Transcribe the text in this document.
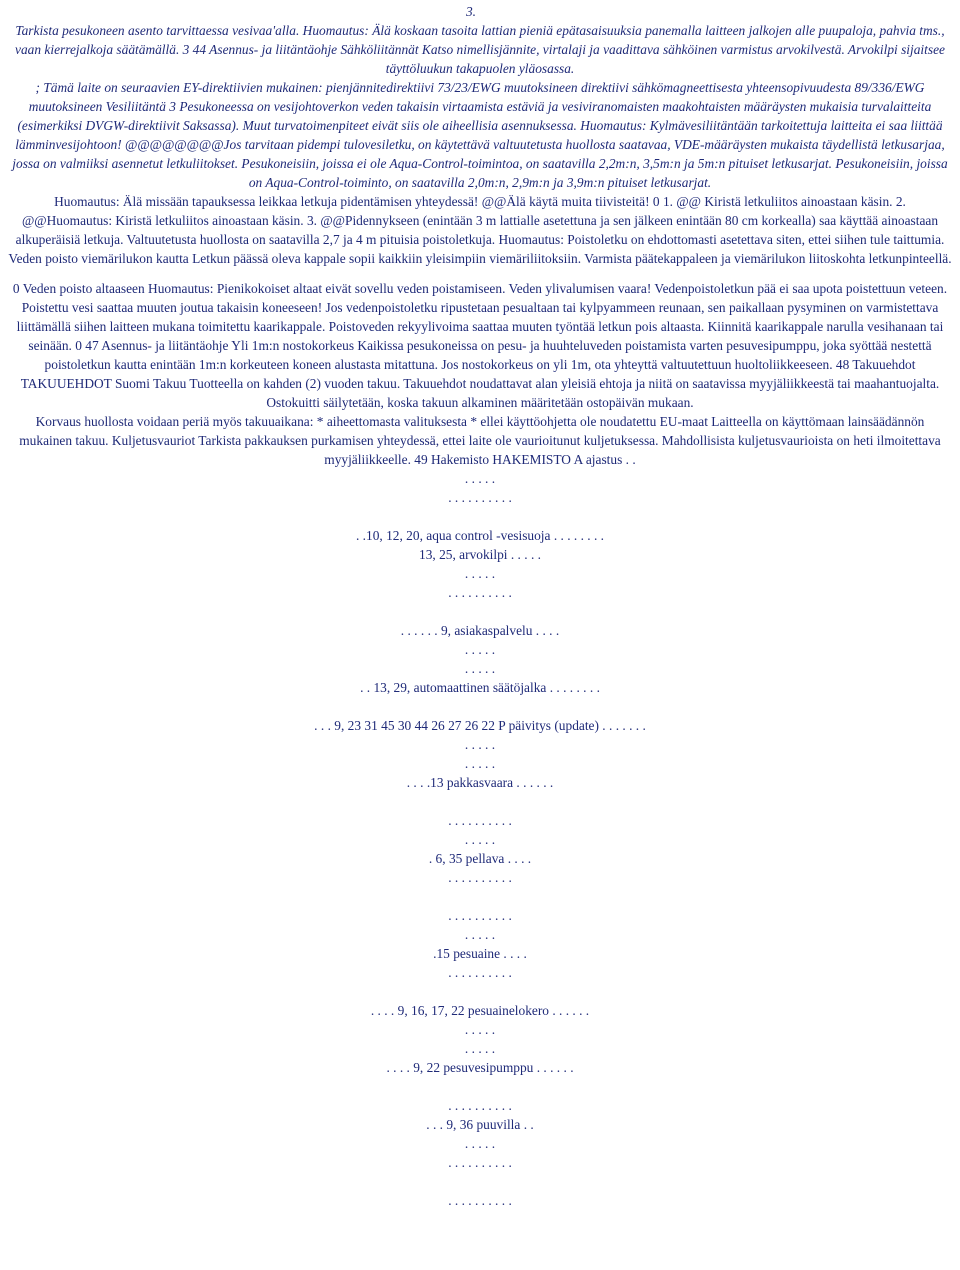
3.

Tarkista pesukoneen asento tarvittaessa vesivaa'alla. Huomautus: Älä koskaan tasoita lattian pieniä epätasaisuuksia panemalla laitteen jalkojen alle puupaloja, pahvia tms., vaan kierrejalkoja säätämällä. 3 44 Asennus- ja liitäntäohje Sähköliitännät Katso nimellisjännite, virtalaji ja vaadittava sähköinen varmistus arvokilvestä. Arvokilpi sijaitsee täyttöluukun takapuolen yläosassa.

; Tämä laite on seuraavien EY-direktiivien mukainen: pienjännitedirektiivi 73/23/EWG muutoksineen direktiivi sähkömagneettisesta yhteensopivuudesta 89/336/EWG muutoksineen Vesiliitäntä 3 Pesukoneessa on vesijohtoverkon veden takaisin virtaamista estäviä ja vesiviranomaisten maakohtaisten määräysten mukaisia turvalaitteita (esimerkiksi DVGW-direktiivit Saksassa). Muut turvatoimenpiteet eivät siis ole aiheellisia asennuksessa. Huomautus: Kylmävesiliitäntään tarkoitettuja laitteita ei saa liittää lämminvesijohtoon! @@@@@@@@Jos tarvitaan pidempi tulovesiletku, on käytettävä valtuutetusta huollosta saatavaa, VDE-määräysten mukaista täydellistä letkusarjaa, jossa on valmiiksi asennetut letkuliitokset. Pesukoneisiin, joissa ei ole Aqua-Control-toimintoa, on saatavilla 2,2m:n, 3,5m:n ja 5m:n pituiset letkusarjat. Pesukoneisiin, joissa on Aqua-Control-toiminto, on saatavilla 2,0m:n, 2,9m:n ja 3,9m:n pituiset letkusarjat.

Huomautus: Älä missään tapauksessa leikkaa letkuja pidentämisen yhteydessä! @@Älä käytä muita tiivisteitä! 0 1. @@ Kiristä letkuliitos ainoastaan käsin. 2. @@Huomautus: Kiristä letkuliitos ainoastaan käsin. 3. @@Pidennykseen (enintään 3 m lattialle asetettuna ja sen jälkeen enintään 80 cm korkealla) saa käyttää ainoastaan alkuperäisiä letkuja. Valtuutetusta huollosta on saatavilla 2,7 ja 4 m pituisia poistoletkuja. Huomautus: Poistoletku on ehdottomasti asetettava siten, ettei siihen tule taittumia. Veden poisto viemärilukon kautta Letkun päässä oleva kappale sopii kaikkiin yleisimpiin viemäriliitoksiin. Varmista päätekappaleen ja viemärilukon liitoskohta letkunpinteellä.

0 Veden poisto altaaseen Huomautus: Pienikokoiset altaat eivät sovellu veden poistamiseen. Veden ylivalumisen vaara! Vedenpoistoletkun pää ei saa upota poistettuun veteen. Poistettu vesi saattaa muuten joutua takaisin koneeseen! Jos vedenpoistoletku ripustetaan pesualtaan tai kylpyammeen reunaan, sen paikallaan pysyminen on varmistettava liittämällä siihen laitteen mukana toimitettu kaarikappale. Poistoveden rekyylivoima saattaa muuten työntää letkun pois altaasta. Kiinnitä kaarikappale narulla vesihanaan tai seinään. 0 47 Asennus- ja liitäntäohje Yli 1m:n nostokorkeus Kaikissa pesukoneissa on pesu- ja huuhteluveden poistamista varten pesuvesipumppu, joka syöttää nestettä poistoletkun kautta enintään 1m:n korkeuteen koneen alustasta mitattuna. Jos nostokorkeus on yli 1m, ota yhteyttä valtuutettuun huoltoliikkeeseen. 48 Takuuehdot TAKUUEHDOT Suomi Takuu Tuotteella on kahden (2) vuoden takuu. Takuuehdot noudattavat alan yleisiä ehtoja ja niitä on saatavissa myyjäliikkeestä tai maahantuojalta. Ostokuitti säilytetään, koska takuun alkaminen määritetään ostopäivän mukaan.

Korvaus huollosta voidaan periä myös takuuaikana: * aiheettomasta valituksesta * ellei käyttöohjetta ole noudatettu EU-maat Laitteella on käyttömaan lainsäädännön mukainen takuu. Kuljetusvauriot Tarkista pakkauksen purkamisen yhteydessä, ettei laite ole vaurioitunut kuljetuksessa. Mahdollisista kuljetusvaurioista on heti ilmoitettava myyjäliikkeelle. 49 Hakemisto HAKEMISTO A ajastus . .

. . . . .
. . . . . . . . . .
. .10, 12, 20, aqua control -vesisuoja . . . . . . . .
13, 25, arvokilpi . . . . .
. . . . .
. . . . . . . . . .
. . . . . . 9, asiakaspalvelu . . . .
. . . . .
. . . . .
. . 13, 29, automaattinen säätöjalka . . . . . . . .
. . . 9, 23 31 45 30 44 26 27 26 22 P päivitys (update) . . . . . . .
. . . . .
. . . . .
. . . .13 pakkasvaara . . . . . .
. . . . . . . . . .
. . . . .
. 6, 35 pellava . . . .
. . . . . . . . . .
. . . . . . . . . .
. . . . .
.15 pesuaine . . . .
. . . . . . . . . .
. . . . 9, 16, 17, 22 pesuainelokero . . . . . .
. . . . .
. . . . .
. . . . 9, 22 pesuvesipumppu . . . . . .
. . . . . . . . . .
. . . 9, 36 puuvilla . .
. . . . .
. . . . . . . . . .
. . . . . . . . . .
